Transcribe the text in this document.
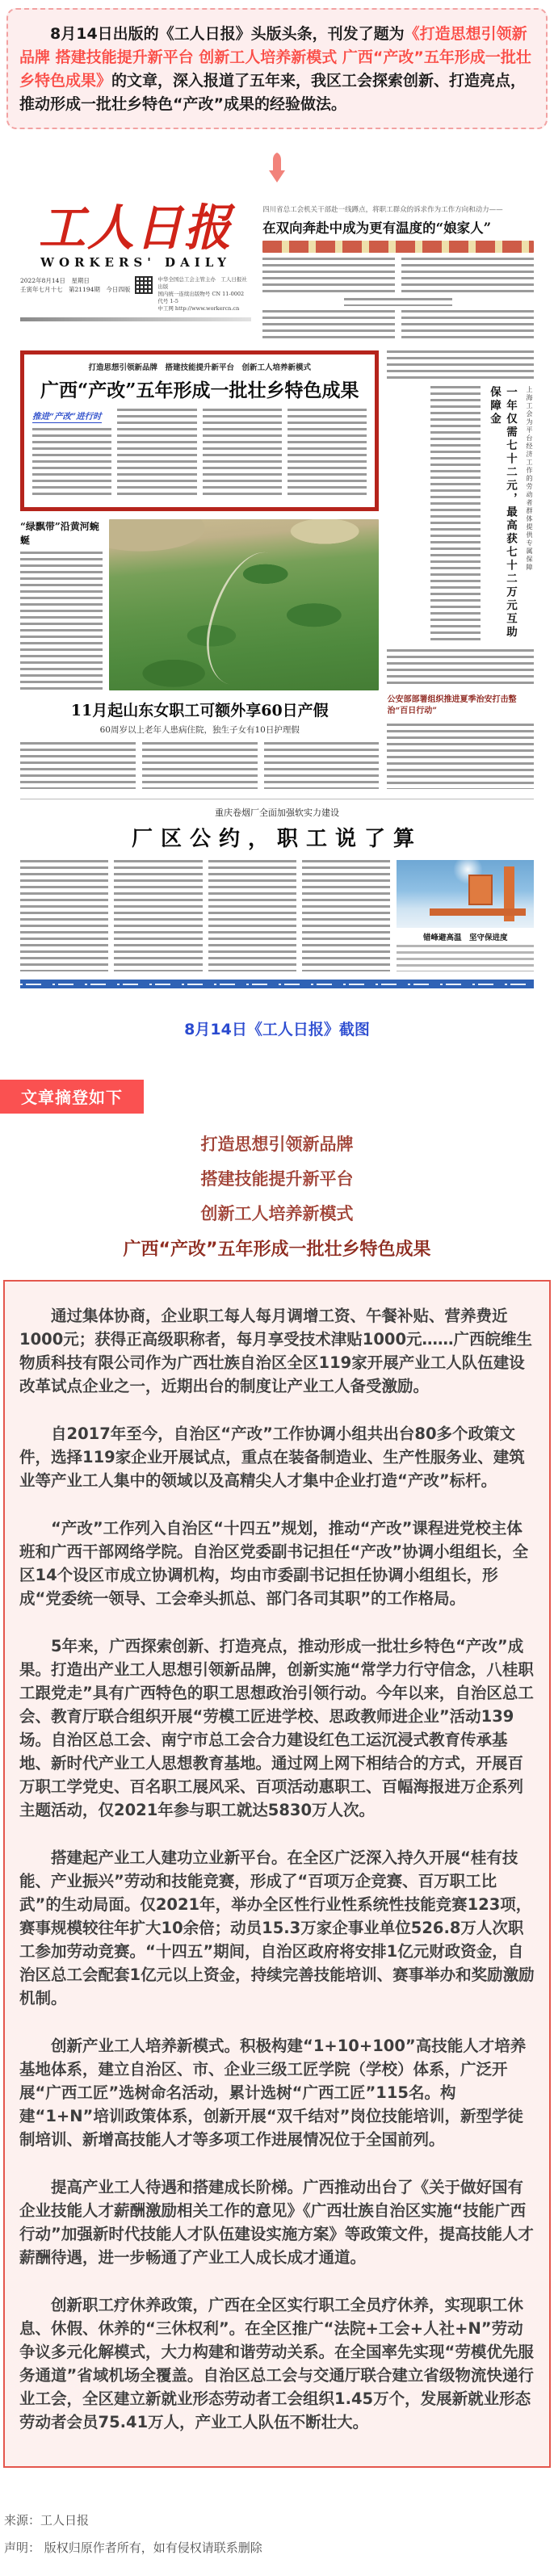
8月14日出版的《工人日报》头版头条，刊发了题为《打造思想引领新品牌 搭建技能提升新平台 创新工人培养新模式 广西“产改”五年形成一批壮乡特色成果》的文章，深入报道了五年来，我区工会探索创新、打造亮点，推动形成一批壮乡特色“产改”成果的经验做法。

工人日报
WORKERS' DAILY
2022年8月14日　星期日
壬寅年七月十七　第21194期　今日四版
中华全国总工会主管主办　工人日报社出版
国内统一连续出版物号 CN 11-0002　代号 1-5
中工网 http://www.workercn.cn
四川省总工会机关干部赴一线蹲点，将职工群众的诉求作为工作方向和动力——
在双向奔赴中成为更有温度的“娘家人”
打造思想引领新品牌　搭建技能提升新平台　创新工人培养新模式
广西“产改”五年形成一批壮乡特色成果
推进“产改”进行时
“绿飘带”沿黄河蜿蜒
11月起山东女职工可额外享60日产假
60周岁以上老年人患病住院，独生子女有10日护理假
一年仅需七十二元，最高获七十二万元互助保障金	上海工会为平台经济工作的劳动者群体提供专属保障
公安部部署组织推进夏季治安打击整治“百日行动”
重庆卷烟厂全面加强软实力建设
厂区公约，职工说了算
错峰避高温　坚守保进度
8月14日《工人日报》截图
文章摘登如下
打造思想引领新品牌
搭建技能提升新平台
创新工人培养新模式
广西“产改”五年形成一批壮乡特色成果

通过集体协商，企业职工每人每月调增工资、午餐补贴、营养费近1000元；获得正高级职称者，每月享受技术津贴1000元……广西皖维生物质科技有限公司作为广西壮族自治区全区119家开展产业工人队伍建设改革试点企业之一，近期出台的制度让产业工人备受激励。

自2017年至今，自治区“产改”工作协调小组共出台80多个政策文件，选择119家企业开展试点，重点在装备制造业、生产性服务业、建筑业等产业工人集中的领域以及高精尖人才集中企业打造“产改”标杆。

“产改”工作列入自治区“十四五”规划，推动“产改”课程进党校主体班和广西干部网络学院。自治区党委副书记担任“产改”协调小组组长，全区14个设区市成立协调机构，均由市委副书记担任协调小组组长，形成“党委统一领导、工会牵头抓总、部门各司其职”的工作格局。

5年来，广西探索创新、打造亮点，推动形成一批壮乡特色“产改”成果。打造出产业工人思想引领新品牌，创新实施“常学力行守信念，八桂职工跟党走”具有广西特色的职工思想政治引领行动。今年以来，自治区总工会、教育厅联合组织开展“劳模工匠进学校、思政教师进企业”活动139场。自治区总工会、南宁市总工会合力建设红色工运沉浸式教育传承基地、新时代产业工人思想教育基地。通过网上网下相结合的方式，开展百万职工学党史、百名职工展风采、百项活动惠职工、百幅海报进万企系列主题活动，仅2021年参与职工就达5830万人次。

搭建起产业工人建功立业新平台。在全区广泛深入持久开展“桂有技能、产业振兴”劳动和技能竞赛，形成了“百项万企竞赛、百万职工比武”的生动局面。仅2021年，举办全区性行业性系统性技能竞赛123项，赛事规模较往年扩大10余倍；动员15.3万家企事业单位526.8万人次职工参加劳动竞赛。“十四五”期间，自治区政府将安排1亿元财政资金，自治区总工会配套1亿元以上资金，持续完善技能培训、赛事举办和奖励激励机制。

创新产业工人培养新模式。积极构建“1+10+100”高技能人才培养基地体系，建立自治区、市、企业三级工匠学院（学校）体系，广泛开展“广西工匠”选树命名活动，累计选树“广西工匠”115名。构建“1+N”培训政策体系，创新开展“双千结对”岗位技能培训，新型学徒制培训、新增高技能人才等多项工作进展情况位于全国前列。

提高产业工人待遇和搭建成长阶梯。广西推动出台了《关于做好国有企业技能人才薪酬激励相关工作的意见》《广西壮族自治区实施“技能广西行动”加强新时代技能人才队伍建设实施方案》等政策文件，提高技能人才薪酬待遇，进一步畅通了产业工人成长成才通道。

创新职工疗休养政策，广西在全区实行职工全员疗休养，实现职工休息、休假、休养的“三休权利”。在全区推广“法院+工会+人社+N”劳动争议多元化解模式，大力构建和谐劳动关系。在全国率先实现“劳模优先服务通道”省域机场全覆盖。自治区总工会与交通厅联合建立省级物流快递行业工会，全区建立新就业形态劳动者工会组织1.45万个，发展新就业形态劳动者会员75.41万人，产业工人队伍不断壮大。

来源：工人日报
声明： 版权归原作者所有，如有侵权请联系删除
